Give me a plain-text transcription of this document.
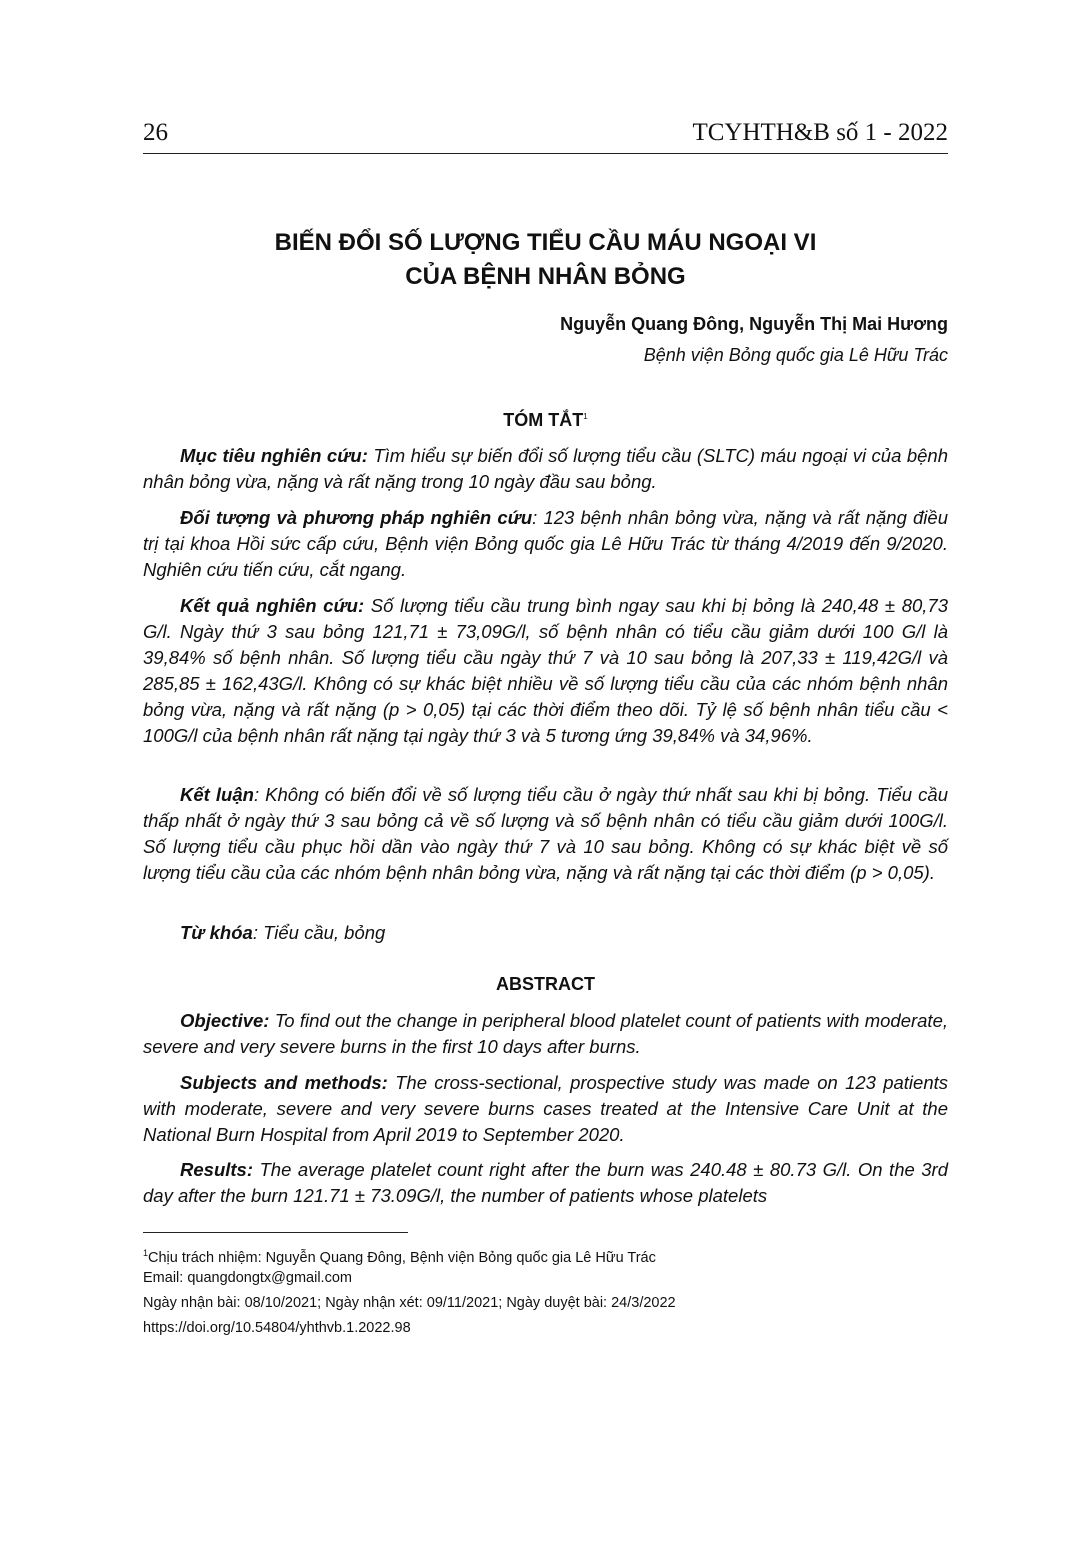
26	TCYHTH&B số 1 - 2022
BIẾN ĐỔI SỐ LƯỢNG TIỂU CẦU MÁU NGOẠI VI
CỦA BỆNH NHÂN BỎNG
Nguyễn Quang Đông, Nguyễn Thị Mai Hương
Bệnh viện Bỏng quốc gia Lê Hữu Trác
TÓM TẮT$^1$

Mục tiêu nghiên cứu: Tìm hiểu sự biến đổi số lượng tiểu cầu (SLTC) máu ngoại vi của bệnh nhân bỏng vừa, nặng và rất nặng trong 10 ngày đầu sau bỏng.

Đối tượng và phương pháp nghiên cứu: 123 bệnh nhân bỏng vừa, nặng và rất nặng điều trị tại khoa Hồi sức cấp cứu, Bệnh viện Bỏng quốc gia Lê Hữu Trác từ tháng 4/2019 đến 9/2020. Nghiên cứu tiến cứu, cắt ngang.

Kết quả nghiên cứu: Số lượng tiểu cầu trung bình ngay sau khi bị bỏng là 240,48 ± 80,73 G/l. Ngày thứ 3 sau bỏng 121,71 ± 73,09G/l, số bệnh nhân có tiểu cầu giảm dưới 100 G/l là 39,84% số bệnh nhân. Số lượng tiểu cầu ngày thứ 7 và 10 sau bỏng là 207,33 ± 119,42G/l và 285,85 ± 162,43G/l. Không có sự khác biệt nhiều về số lượng tiểu cầu của các nhóm bệnh nhân bỏng vừa, nặng và rất nặng (p > 0,05) tại các thời điểm theo dõi. Tỷ lệ số bệnh nhân tiểu cầu < 100G/l của bệnh nhân rất nặng tại ngày thứ 3 và 5 tương ứng 39,84% và 34,96%.

Kết luận: Không có biến đổi về số lượng tiểu cầu ở ngày thứ nhất sau khi bị bỏng. Tiểu cầu thấp nhất ở ngày thứ 3 sau bỏng cả về số lượng và số bệnh nhân có tiểu cầu giảm dưới 100G/l. Số lượng tiểu cầu phục hồi dần vào ngày thứ 7 và 10 sau bỏng. Không có sự khác biệt về số lượng tiểu cầu của các nhóm bệnh nhân bỏng vừa, nặng và rất nặng tại các thời điểm (p > 0,05).

Từ khóa: Tiểu cầu, bỏng

ABSTRACT

Objective: To find out the change in peripheral blood platelet count of patients with moderate, severe and very severe burns in the first 10 days after burns.

Subjects and methods: The cross-sectional, prospective study was made on 123 patients with moderate, severe and very severe burns cases treated at the Intensive Care Unit at the National Burn Hospital from April 2019 to September 2020.

Results: The average platelet count right after the burn was 240.48 ± 80.73 G/l. On the 3rd day after the burn 121.71 ± 73.09G/l, the number of patients whose platelets

$^1$Chịu trách nhiệm: Nguyễn Quang Đông, Bệnh viện Bỏng quốc gia Lê Hữu Trác
Email: quangdongtx@gmail.com
Ngày nhận bài: 08/10/2021; Ngày nhận xét: 09/11/2021; Ngày duyệt bài: 24/3/2022
https://doi.org/10.54804/yhthvb.1.2022.98
